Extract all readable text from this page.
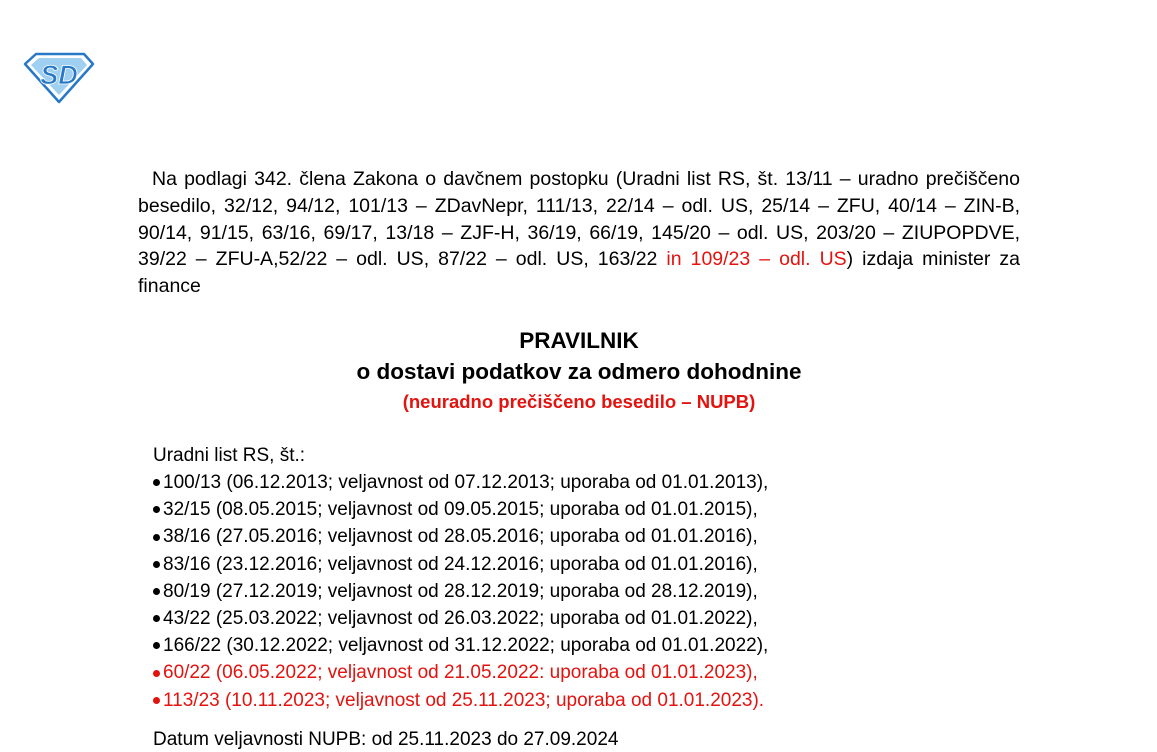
SD
Na podlagi 342. člena Zakona o davčnem postopku (Uradni list RS, št. 13/11 – uradno prečiščeno besedilo, 32/12, 94/12, 101/13 – ZDavNepr, 111/13, 22/14 – odl. US, 25/14 – ZFU, 40/14 – ZIN-B, 90/14, 91/15, 63/16, 69/17, 13/18 – ZJF-H, 36/19, 66/19, 145/20 – odl. US, 203/20 – ZIUPOPDVE, 39/22 – ZFU-A,52/22 – odl. US, 87/22 – odl. US, 163/22 in 109/23 – odl. US) izdaja minister za finance
PRAVILNIK
o dostavi podatkov za odmero dohodnine
(neuradno prečiščeno besedilo – NUPB)
Uradni list RS, št.:
100/13 (06.12.2013; veljavnost od 07.12.2013; uporaba od 01.01.2013),
32/15 (08.05.2015; veljavnost od 09.05.2015; uporaba od 01.01.2015),
38/16 (27.05.2016; veljavnost od 28.05.2016; uporaba od 01.01.2016),
83/16 (23.12.2016; veljavnost od 24.12.2016; uporaba od 01.01.2016),
80/19 (27.12.2019; veljavnost od 28.12.2019; uporaba od 28.12.2019),
43/22 (25.03.2022; veljavnost od 26.03.2022; uporaba od 01.01.2022),
166/22 (30.12.2022; veljavnost od 31.12.2022; uporaba od 01.01.2022),
60/22 (06.05.2022; veljavnost od 21.05.2022: uporaba od 01.01.2023),
113/23 (10.11.2023; veljavnost od 25.11.2023; uporaba od 01.01.2023).
Datum veljavnosti NUPB: od 25.11.2023 do 27.09.2024
